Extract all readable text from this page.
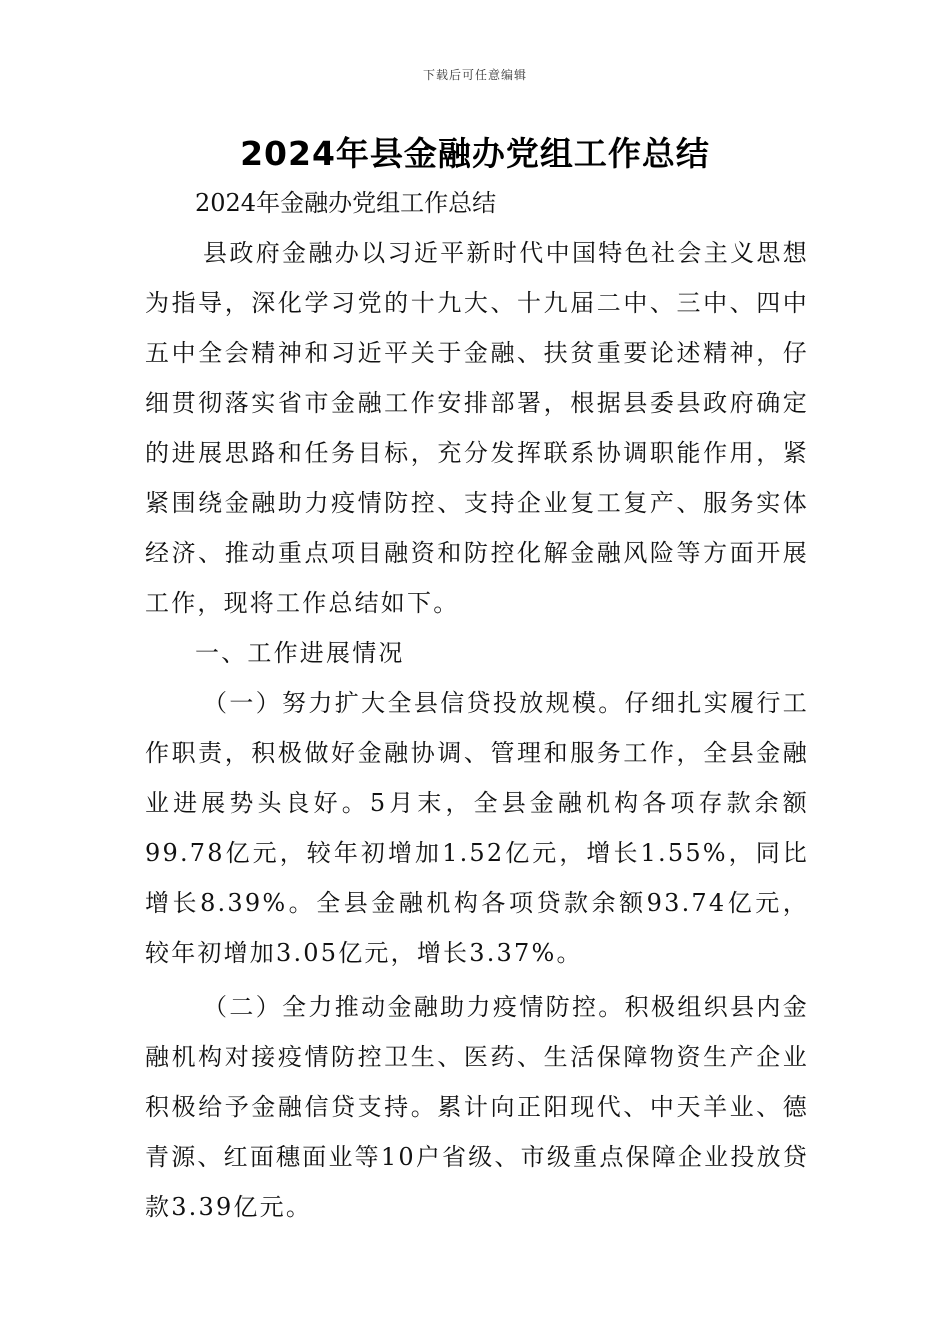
下载后可任意编辑
2024年县金融办党组工作总结

2024年金融办党组工作总结

县政府金融办以习近平新时代中国特色社会主义思想为指导，深化学习党的十九大、十九届二中、三中、四中五中全会精神和习近平关于金融、扶贫重要论述精神，仔细贯彻落实省市金融工作安排部署，根据县委县政府确定的进展思路和任务目标，充分发挥联系协调职能作用，紧紧围绕金融助力疫情防控、支持企业复工复产、服务实体经济、推动重点项目融资和防控化解金融风险等方面开展工作，现将工作总结如下。

一、工作进展情况

（一）努力扩大全县信贷投放规模。仔细扎实履行工作职责，积极做好金融协调、管理和服务工作，全县金融业进展势头良好。5月末，全县金融机构各项存款余额99.78亿元，较年初增加1.52亿元，增长1.55%，同比增长8.39%。全县金融机构各项贷款余额93.74亿元，较年初增加3.05亿元，增长3.37%。

（二）全力推动金融助力疫情防控。积极组织县内金融机构对接疫情防控卫生、医药、生活保障物资生产企业积极给予金融信贷支持。累计向正阳现代、中天羊业、德青源、红面穗面业等10户省级、市级重点保障企业投放贷款3.39亿元。
